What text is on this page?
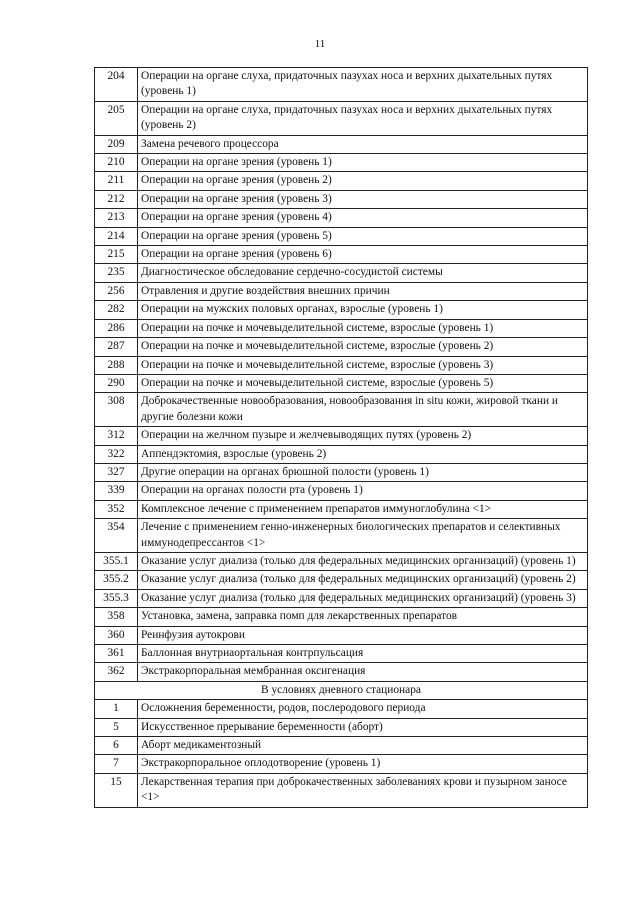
11
204	Операции на органе слуха, придаточных пазухах носа и верхних дыхательных путях (уровень 1)
205	Операции на органе слуха, придаточных пазухах носа и верхних дыхательных путях (уровень 2)
209	Замена речевого процессора
210	Операции на органе зрения (уровень 1)
211	Операции на органе зрения (уровень 2)
212	Операции на органе зрения (уровень 3)
213	Операции на органе зрения (уровень 4)
214	Операции на органе зрения (уровень 5)
215	Операции на органе зрения (уровень 6)
235	Диагностическое обследование сердечно-сосудистой системы
256	Отравления и другие воздействия внешних причин
282	Операции на мужских половых органах, взрослые (уровень 1)
286	Операции на почке и мочевыделительной системе, взрослые (уровень 1)
287	Операции на почке и мочевыделительной системе, взрослые (уровень 2)
288	Операции на почке и мочевыделительной системе, взрослые (уровень 3)
290	Операции на почке и мочевыделительной системе, взрослые (уровень 5)
308	Доброкачественные новообразования, новообразования in situ кожи, жировой ткани и другие болезни кожи
312	Операции на желчном пузыре и желчевыводящих путях (уровень 2)
322	Аппендэктомия, взрослые (уровень 2)
327	Другие операции на органах брюшной полости (уровень 1)
339	Операции на органах полости рта (уровень 1)
352	Комплексное лечение с применением препаратов иммуноглобулина <1>
354	Лечение с применением генно-инженерных биологических препаратов и селективных иммунодепрессантов <1>
355.1	Оказание услуг диализа (только для федеральных медицинских организаций) (уровень 1)
355.2	Оказание услуг диализа (только для федеральных медицинских организаций) (уровень 2)
355.3	Оказание услуг диализа (только для федеральных медицинских организаций) (уровень 3)
358	Установка, замена, заправка помп для лекарственных препаратов
360	Реинфузия аутокрови
361	Баллонная внутриаортальная контрпульсация
362	Экстракорпоральная мембранная оксигенация
В условиях дневного стационара	
1	Осложнения беременности, родов, послеродового периода
5	Искусственное прерывание беременности (аборт)
6	Аборт медикаментозный
7	Экстракорпоральное оплодотворение (уровень 1)
15	Лекарственная терапия при доброкачественных заболеваниях крови и пузырном заносе <1>
